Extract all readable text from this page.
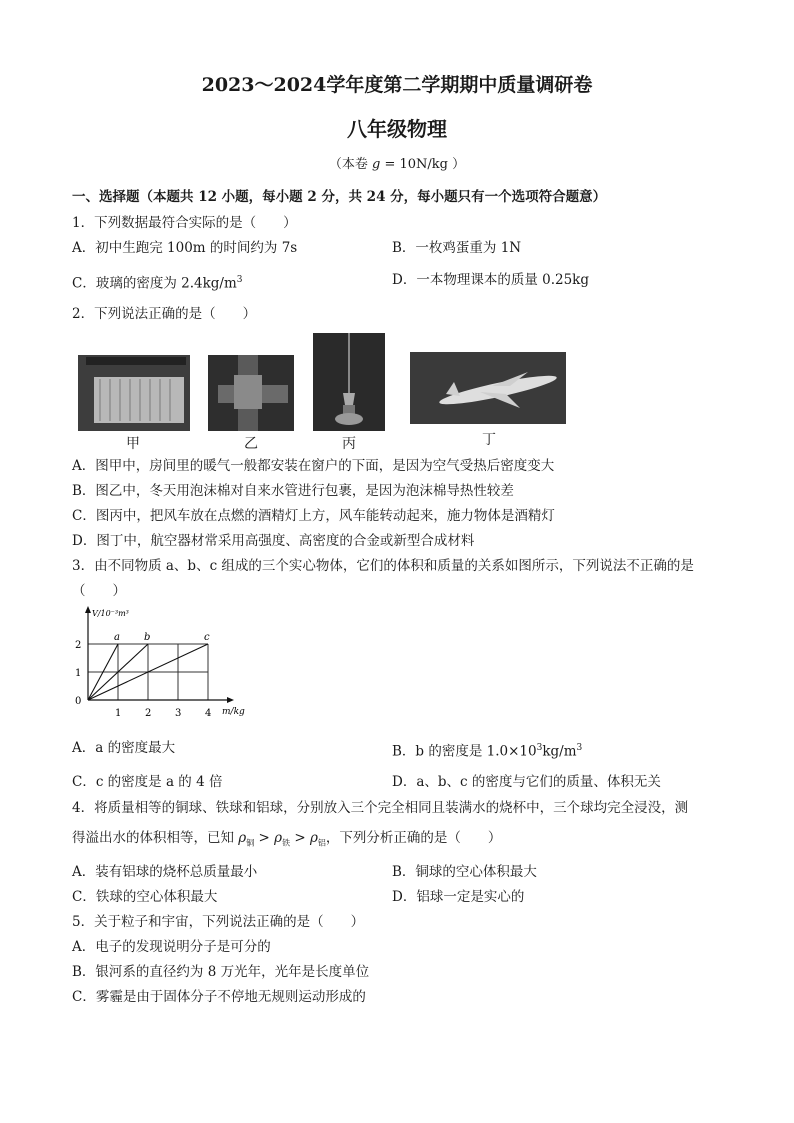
2023～2024学年度第二学期期中质量调研卷
八年级物理
（本卷 g = 10N/kg ）
一、选择题（本题共 12 小题，每小题 2 分，共 24 分，每小题只有一个选项符合题意）
1．下列数据最符合实际的是（　　）
A．初中生跑完 100m 的时间约为 7s	B．一枚鸡蛋重为 1N
C．玻璃的密度为 $2.4kg/m^3$	D．一本物理课本的质量 0.25kg
2．下列说法正确的是（　　）
甲	乙	丙	丁
A．图甲中，房间里的暖气一般都安装在窗户的下面，是因为空气受热后密度变大
B．图乙中，冬天用泡沫棉对自来水管进行包裹，是因为泡沫棉导热性较差
C．图丙中，把风车放在点燃的酒精灯上方，风车能转动起来，施力物体是酒精灯
D．图丁中，航空器材常采用高强度、高密度的合金或新型合成材料
3．由不同物质 a、b、c 组成的三个实心物体，它们的体积和质量的关系如图所示，下列说法不正确的是
（　　）
a b	c
1 2 3 4
0
1
2
m/kg
V/10⁻³m³
A．a 的密度最大	B．b 的密度是 $1.0\times 10^3kg/m^3$
C．c 的密度是 a 的 4 倍	D．a、b、c 的密度与它们的质量、体积无关
4．将质量相等的铜球、铁球和铝球，分别放入三个完全相同且装满水的烧杯中，三个球均完全浸没，测
得溢出水的体积相等，已知 $\rho_铜 > \rho_铁 > \rho_铝$，下列分析正确的是（　　）
A．装有铝球的烧杯总质量最小	B．铜球的空心体积最大
C．铁球的空心体积最大	D．铝球一定是实心的
5．关于粒子和宇宙，下列说法正确的是（　　）
A．电子的发现说明分子是可分的
B．银河系的直径约为 8 万光年，光年是长度单位
C．雾霾是由于固体分子不停地无规则运动形成的
